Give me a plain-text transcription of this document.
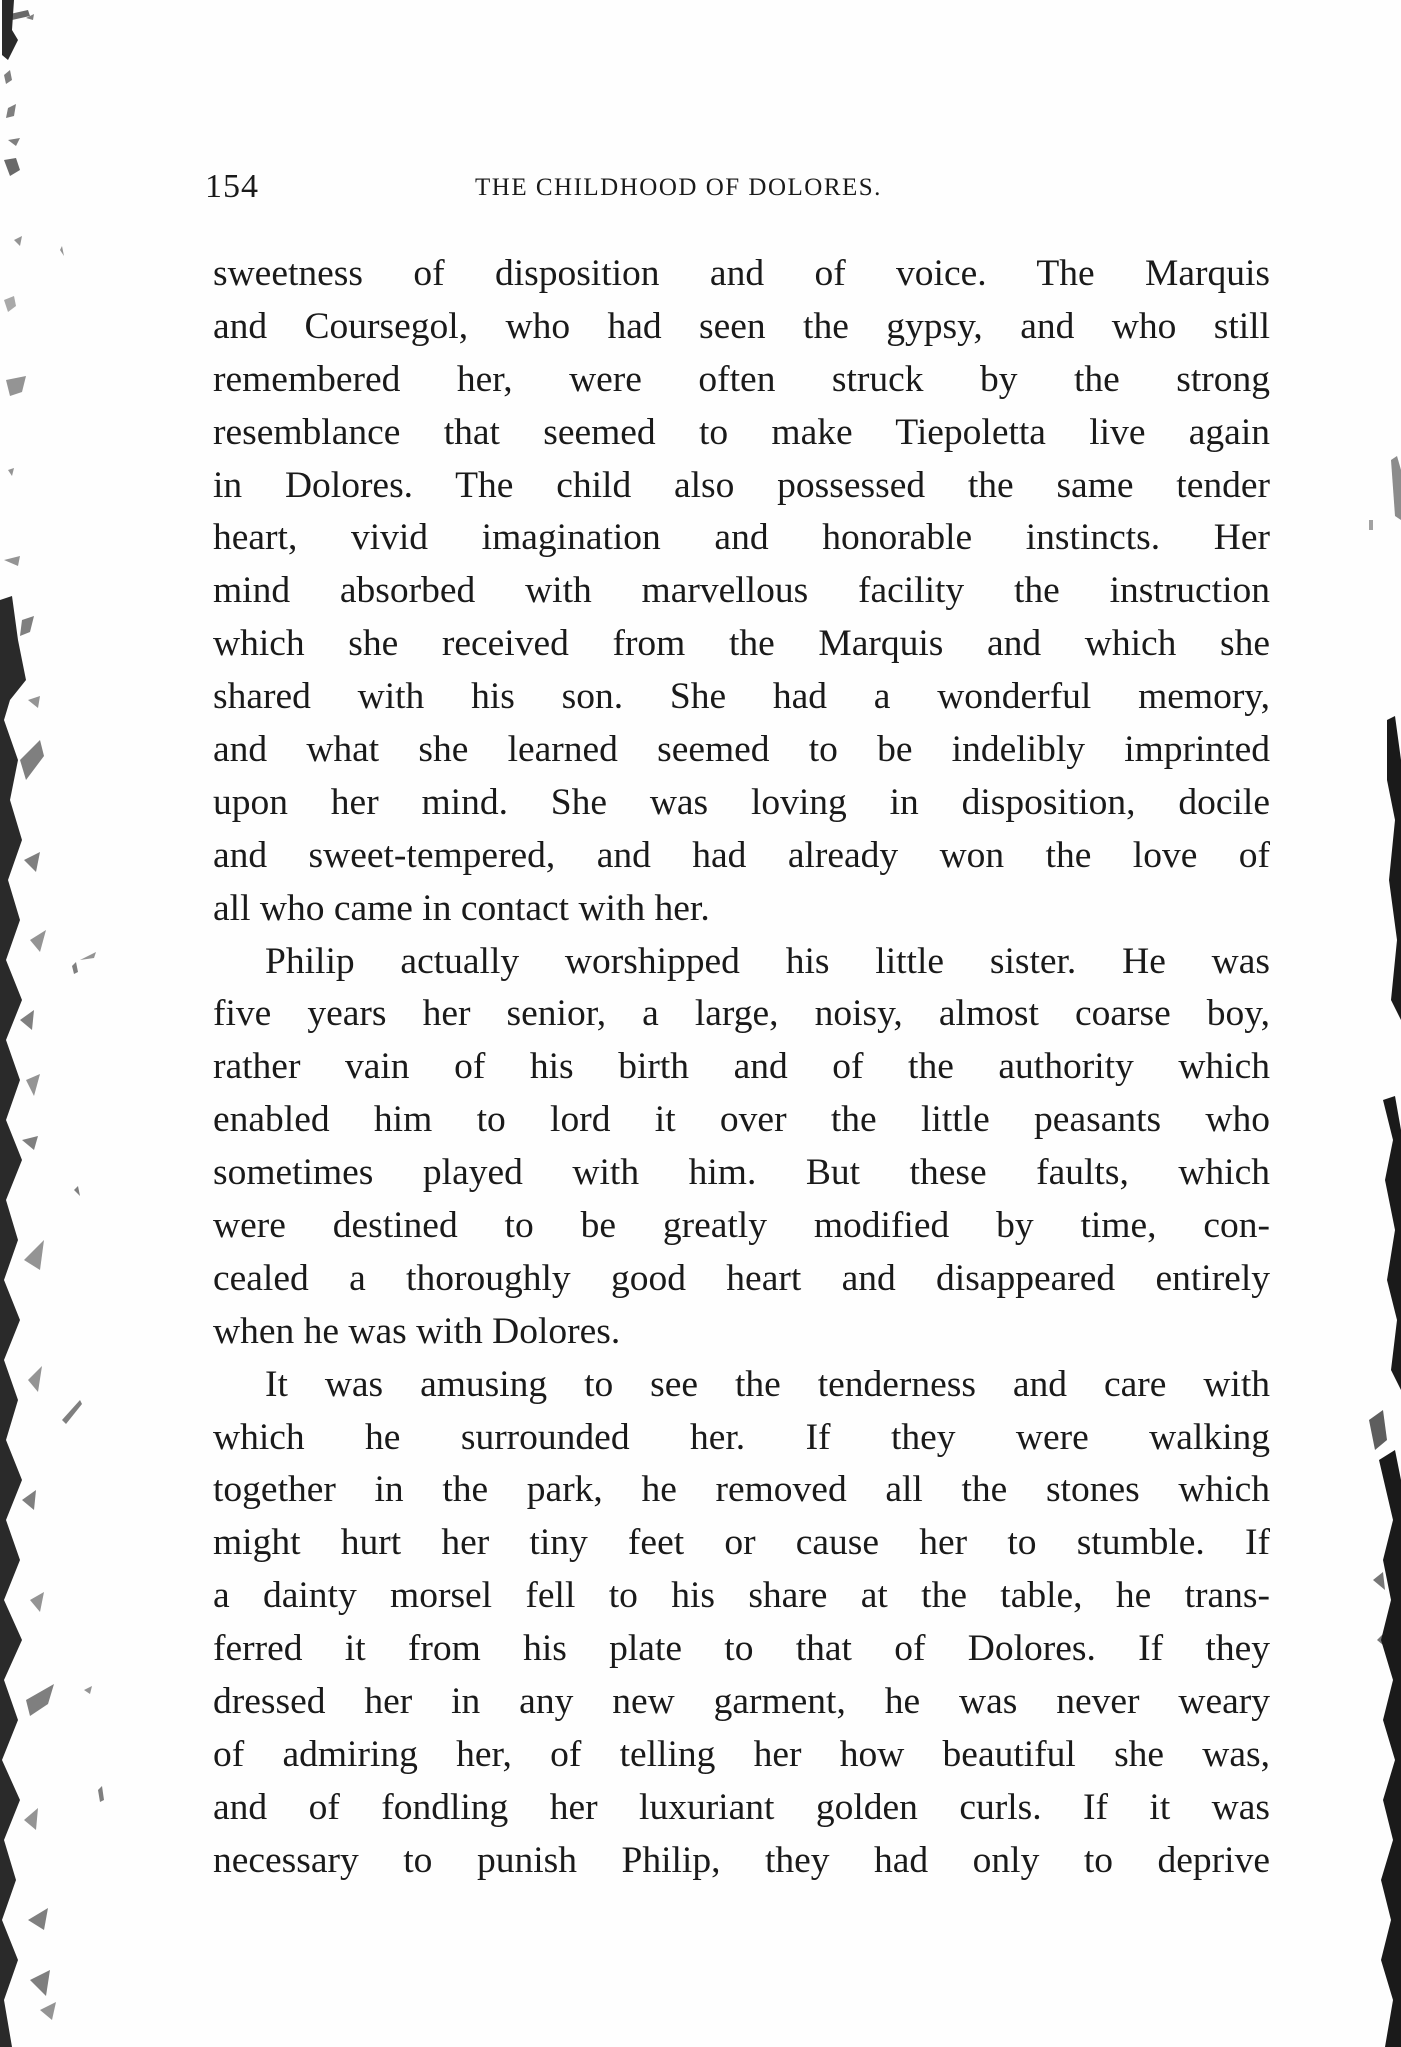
154	THE CHILDHOOD OF DOLORES.
sweetness of disposition and of voice. The Marquis
and Coursegol, who had seen the gypsy, and who still
remembered her, were often struck by the strong
resemblance that seemed to make Tiepoletta live again
in Dolores. The child also possessed the same tender
heart, vivid imagination and honorable instincts. Her
mind absorbed with marvellous facility the instruction
which she received from the Marquis and which she
shared with his son. She had a wonderful memory,
and what she learned seemed to be indelibly imprinted
upon her mind. She was loving in disposition, docile
and sweet-tempered, and had already won the love of
all who came in contact with her.
Philip actually worshipped his little sister. He was
five years her senior, a large, noisy, almost coarse boy,
rather vain of his birth and of the authority which
enabled him to lord it over the little peasants who
sometimes played with him. But these faults, which
were destined to be greatly modified by time, con-
cealed a thoroughly good heart and disappeared entirely
when he was with Dolores.
It was amusing to see the tenderness and care with
which he surrounded her. If they were walking
together in the park, he removed all the stones which
might hurt her tiny feet or cause her to stumble. If
a dainty morsel fell to his share at the table, he trans-
ferred it from his plate to that of Dolores. If they
dressed her in any new garment, he was never weary
of admiring her, of telling her how beautiful she was,
and of fondling her luxuriant golden curls. If it was
necessary to punish Philip, they had only to deprive
